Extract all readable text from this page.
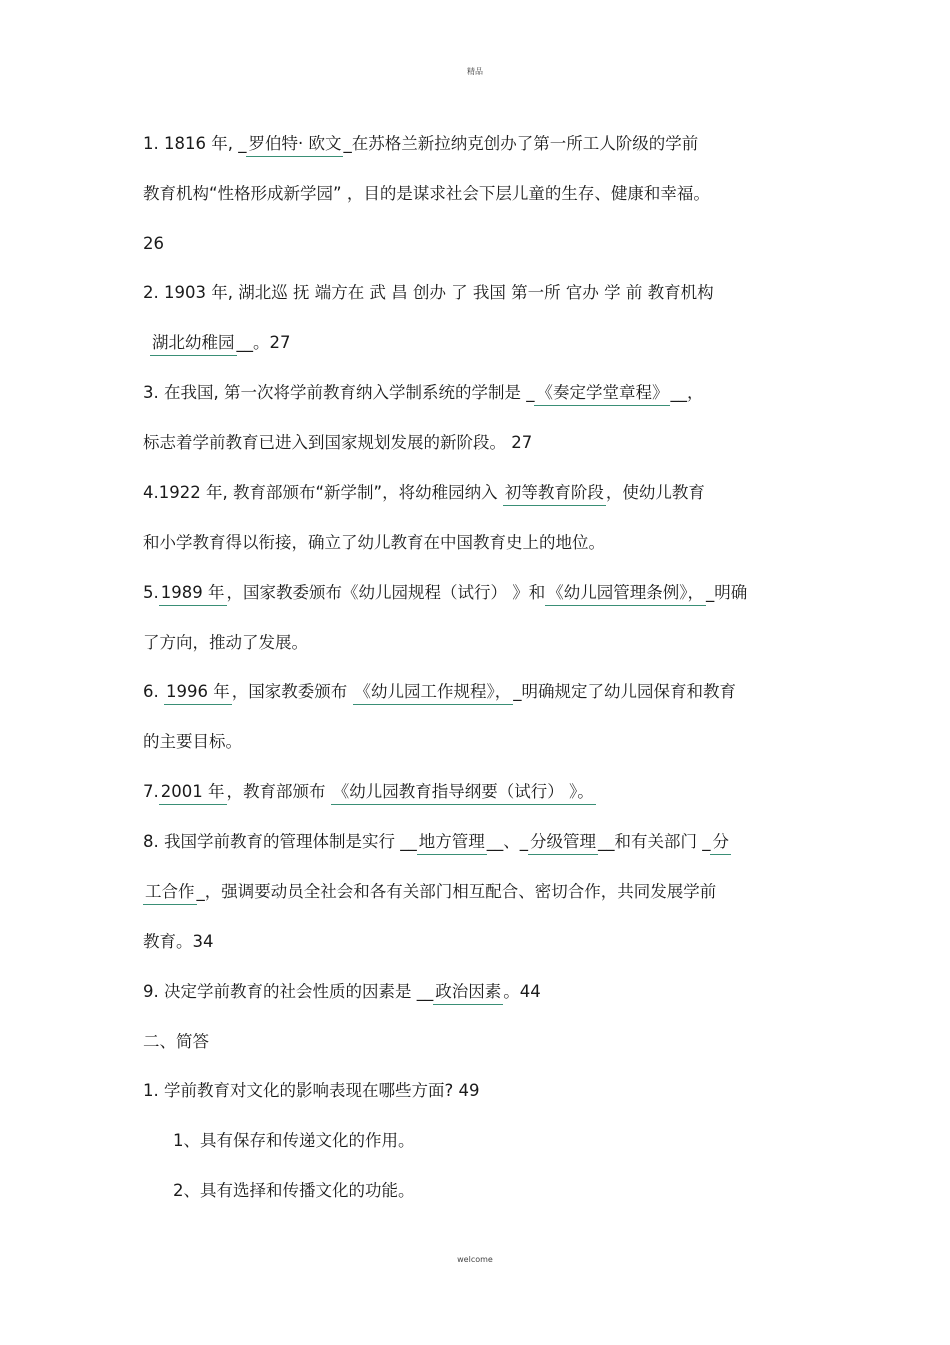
精品
1. 1816 年, _ 罗伯特· 欧文 _在苏格兰新拉纳克创办了第一所工人阶级的学前
教育机构“性格形成新学园” ，目的是谋求社会下层儿童的生存、健康和幸福。
26
2. 1903 年, 湖北巡 抚 端方在 武 昌 创办 了 我国 第一所 官办 学 前 教育机构
湖北幼稚园 __。27
3. 在我国, 第一次将学前教育纳入学制系统的学制是 _ 《奏定学堂章程》 __，
标志着学前教育已进入到国家规划发展的新阶段。 27
4.1922 年, 教育部颁布“新学制”，将幼稚园纳入 初等教育阶段 ，使幼儿教育
和小学教育得以衔接，确立了幼儿教育在中国教育史上的地位。
5. 1989 年 ，国家教委颁布《幼儿园规程（试行） 》和 《幼儿园管理条例》， _明确
了方向，推动了发展。
6. 1996 年 ，国家教委颁布 《幼儿园工作规程》， _明确规定了幼儿园保育和教育
的主要目标。
7. 2001 年 ，教育部颁布 《幼儿园教育指导纲要（试行） 》。
8. 我国学前教育的管理体制是实行 __ 地方管理 __、_ 分级管理 __和有关部门 _ 分
工合作 _，强调要动员全社会和各有关部门相互配合、密切合作，共同发展学前
教育。34
9. 决定学前教育的社会性质的因素是 __ 政治因素 。44
二、简答
1. 学前教育对文化的影响表现在哪些方面? 49
1、具有保存和传递文化的作用。
2、具有选择和传播文化的功能。
welcome
